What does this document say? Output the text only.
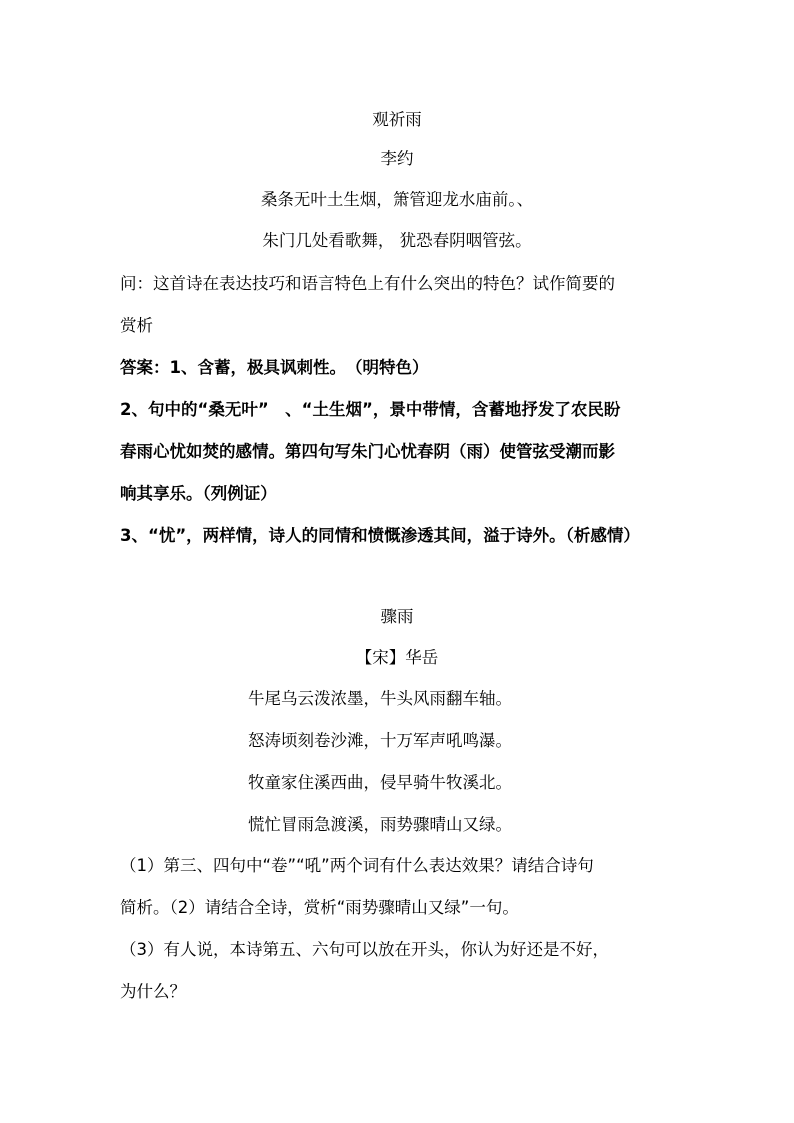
观祈雨
李约
桑条无叶土生烟，箫管迎龙水庙前。、
朱门几处看歌舞， 犹恐春阴咽管弦。
问：这首诗在表达技巧和语言特色上有什么突出的特色？试作简要的
赏析
答案：1、含蓄，极具讽刺性。　（明特色）
2、句中的“桑无叶”　、“土生烟”，景中带情，含蓄地抒发了农民盼
春雨心忧如焚的感情。第四句写朱门心忧春阴（雨）使管弦受潮而影
响其享乐。（列例证）
3、“忧”，两样情，诗人的同情和愤慨渗透其间，溢于诗外。（析感情）
骤雨
【宋】华岳
牛尾乌云泼浓墨，牛头风雨翻车轴。
怒涛顷刻卷沙滩，十万军声吼鸣瀑。
牧童家住溪西曲，侵早骑牛牧溪北。
慌忙冒雨急渡溪，雨势骤晴山又绿。
（1）第三、四句中“卷”“吼”两个词有什么表达效果？请结合诗句
简析。（2）请结合全诗，赏析“雨势骤晴山又绿”一句。
（3）有人说，本诗第五、六句可以放在开头，你认为好还是不好，
为什么？
